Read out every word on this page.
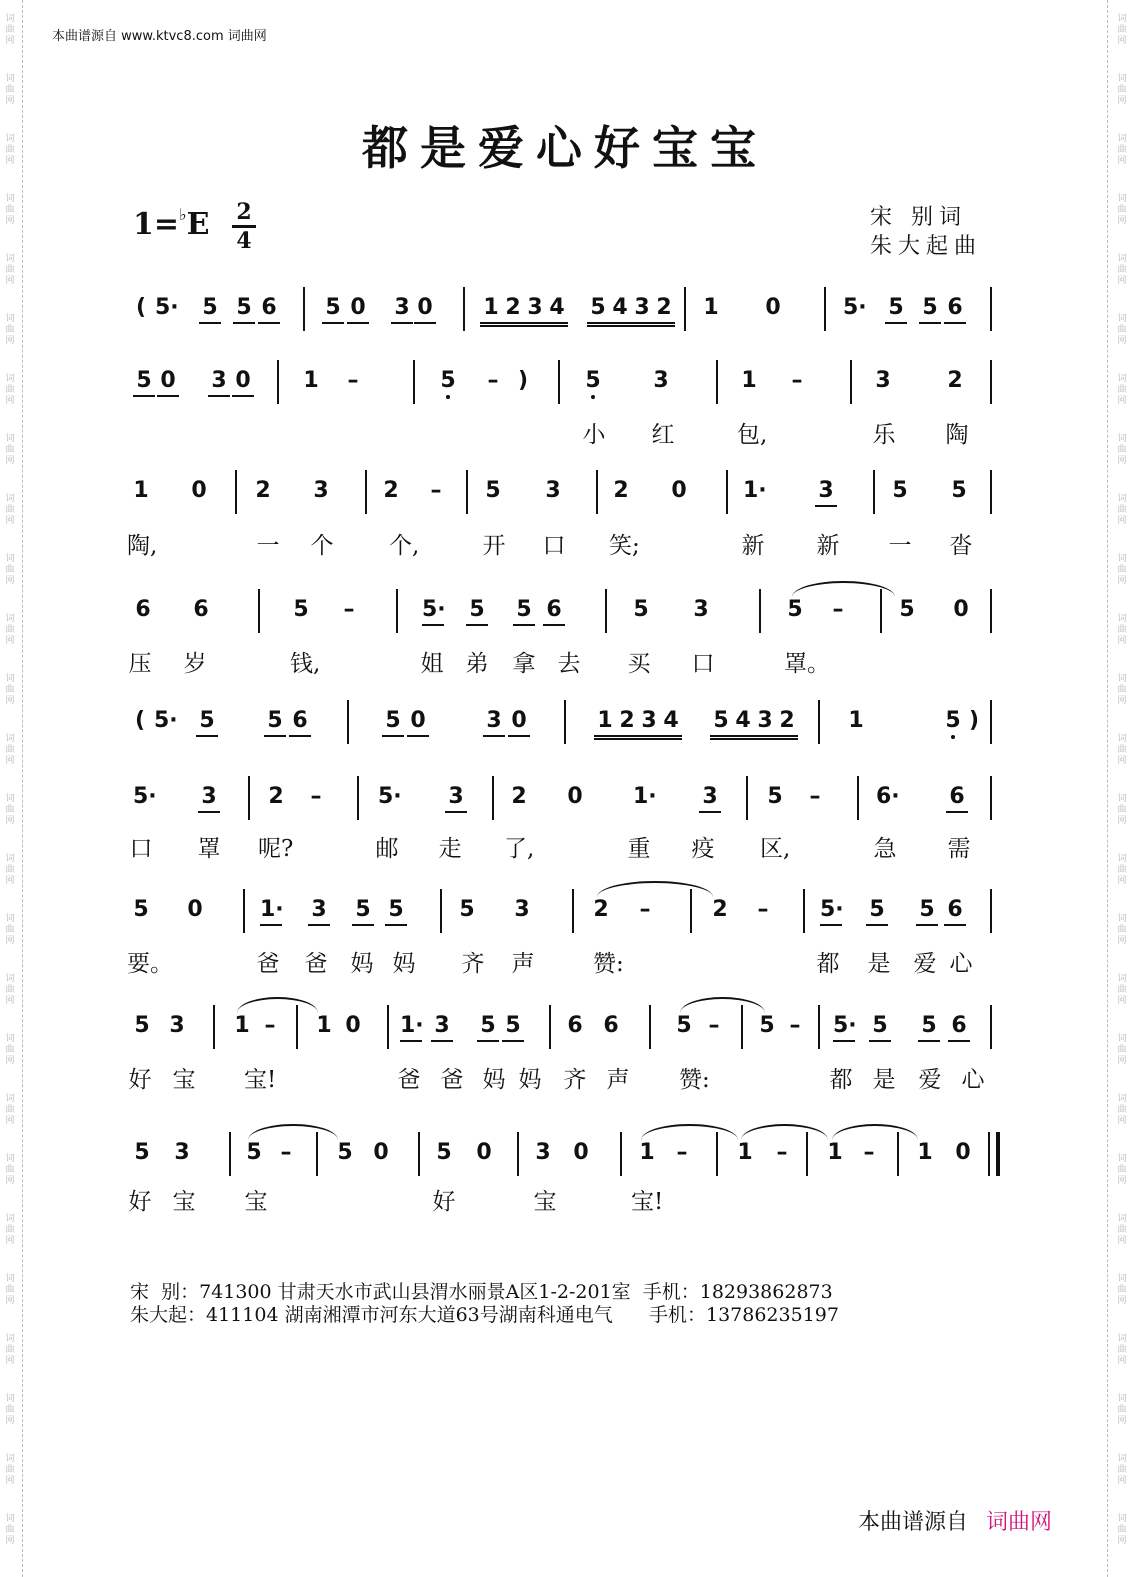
词
曲
网
词
曲
网
词
曲
网
词
曲
网
词
曲
网
词
曲
网
词
曲
网
词
曲
网
词
曲
网
词
曲
网
词
曲
网
词
曲
网
词
曲
网
词
曲
网
词
曲
网
词
曲
网
词
曲
网
词
曲
网
词
曲
网
词
曲
网
词
曲
网
词
曲
网
词
曲
网
词
曲
网
词
曲
网
词
曲
网
词
曲
网
词
曲
网
词
曲
网
词
曲
网
词
曲
网
词
曲
网
词
曲
网
词
曲
网
词
曲
网
词
曲
网
词
曲
网
词
曲
网
词
曲
网
词
曲
网
词
曲
网
词
曲
网
词
曲
网
词
曲
网
词
曲
网
词
曲
网
词
曲
网
词
曲
网
词
曲
网
词
曲
网
词
曲
网
词
曲
网
本曲谱源自 www.ktvc8.com 词曲网
都是爱心好宝宝
1=♭E 2
4
宋 别词
朱大起曲
( 5· 5 5 6 5 0 3 0 1 2 3 4 5 4 3 2 1 0	5· 5 5 6
5 0 3 0 1 –	5 – )	5 3	1 –	3	2
小 红	包,	乐 陶
1 0 2 3 2 – 5 3 2 0	1· 3	5 5
陶,	一 个 个,	开 口 笑;	新 新 一 沓
6 6	5 –	5· 5 5 6	5 3	5 –	5 0
压 岁	钱,	姐 弟 拿 去 买 口	罩。
( 5· 5 5 6	5 0	3 0	1 2 3 4 5 4 3 2 1	5 )
5· 3 2 –	5· 3 2 0 1· 3 5 –	6· 6
口 罩 呢?	邮 走 了,	重 疫 区,	急 需
5 0	1· 3 5 5	5 3	2 –	2 – 5· 5 5 6
要。	爸 爸 妈 妈 齐 声	赞:	都 是 爱 心
5 3 1 – 1 0 1· 3 5 5 6 6	5 – 5 – 5· 5 5 6
好 宝 宝!	爸 爸 妈 妈 齐 声 赞:	都 是 爱 心
5 3	5 – 5 0 5 0 3 0 1 – 1 – 1 – 1 0
好 宝 宝	好	宝	宝!
宋  别：741300 甘肃天水市武山县渭水丽景A区1-2-201室  手机：18293862873
朱大起：411104 湖南湘潭市河东大道63号湖南科通电气      手机：13786235197
本曲谱源自 词曲网
